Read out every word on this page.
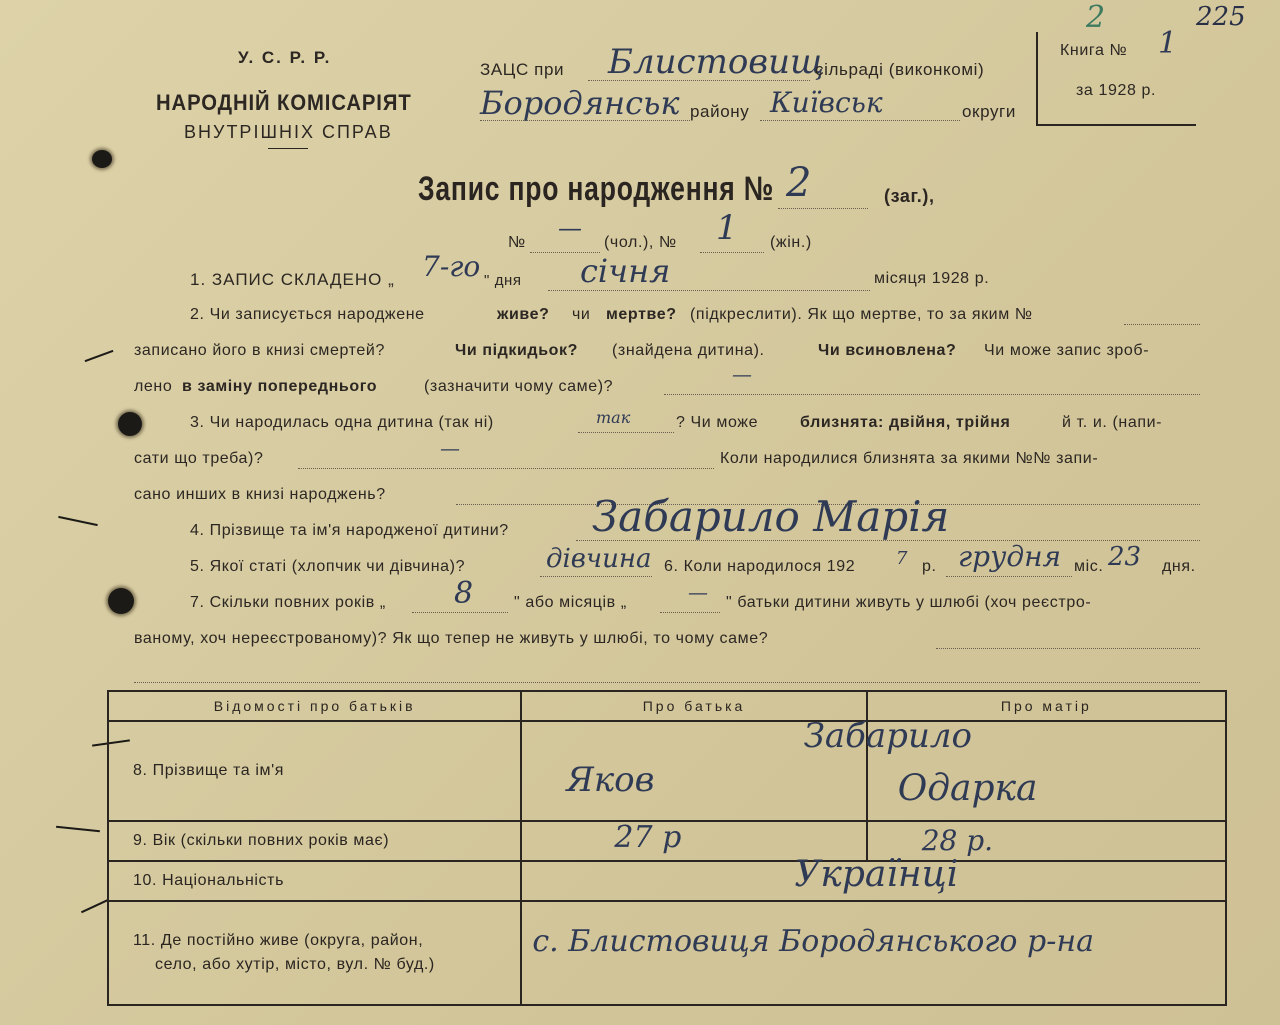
У. С. Р. Р.
НАРОДНІЙ КОМІСАРІЯТ
ВНУТРІШНІХ СПРАВ
ЗАЦС при Блистовищ
сільраді (виконкомі)
Бородянськ району Київськ	округи
Книга № 1
за 1928 р.
225
2
Запис про народження № 2	(заг.),
№
—
(чол.), № 1 (жін.)
1. ЗАПИС СКЛАДЕНО „ 7-го " дня січня	місяця 1928 р.
2. Чи записується народжене	живе? чи мертве? (підкреслити). Як що мертве, то за яким №
записано його в книзі смертей?	Чи підкидьок? (знайдена дитина).	Чи всиновлена? Чи може запис зроб-
лено в заміну попереднього	(зазначити чому саме)?
—
3. Чи народилась одна дитина (так ні)	так	? Чи може	близнята: двійня, трійня	й т. и. (напи-
сати що треба)?	—	Коли народилися близнята за якими №№ запи-
сано инших в книзі народжень?
4. Прізвище та ім'я народженої дитини? Забарило Марія
5. Якої статі (хлопчик чи дівчина)?	дівчина 6. Коли народилося 192 7 р. грудня міс. 23 дня.
7. Скільки повних років „ 8	" або місяців „	— " батьки дитини живуть у шлюбі (хоч реєстро-
ваному, хоч нереєстрованому)? Як що тепер не живуть у шлюбі, то чому саме?
Відомості про батьків	Про батька	Про матір
8. Прізвище та ім'я	Яков	Забарило
Одарка

9. Вік (скільки повних років має)	27 р	28 р.

10. Національність	Українці	

11. Де постійно живе (округа, район,
село, або хутір, місто, вул. № буд.)	с. Блистовиця Бородянського р-на	
